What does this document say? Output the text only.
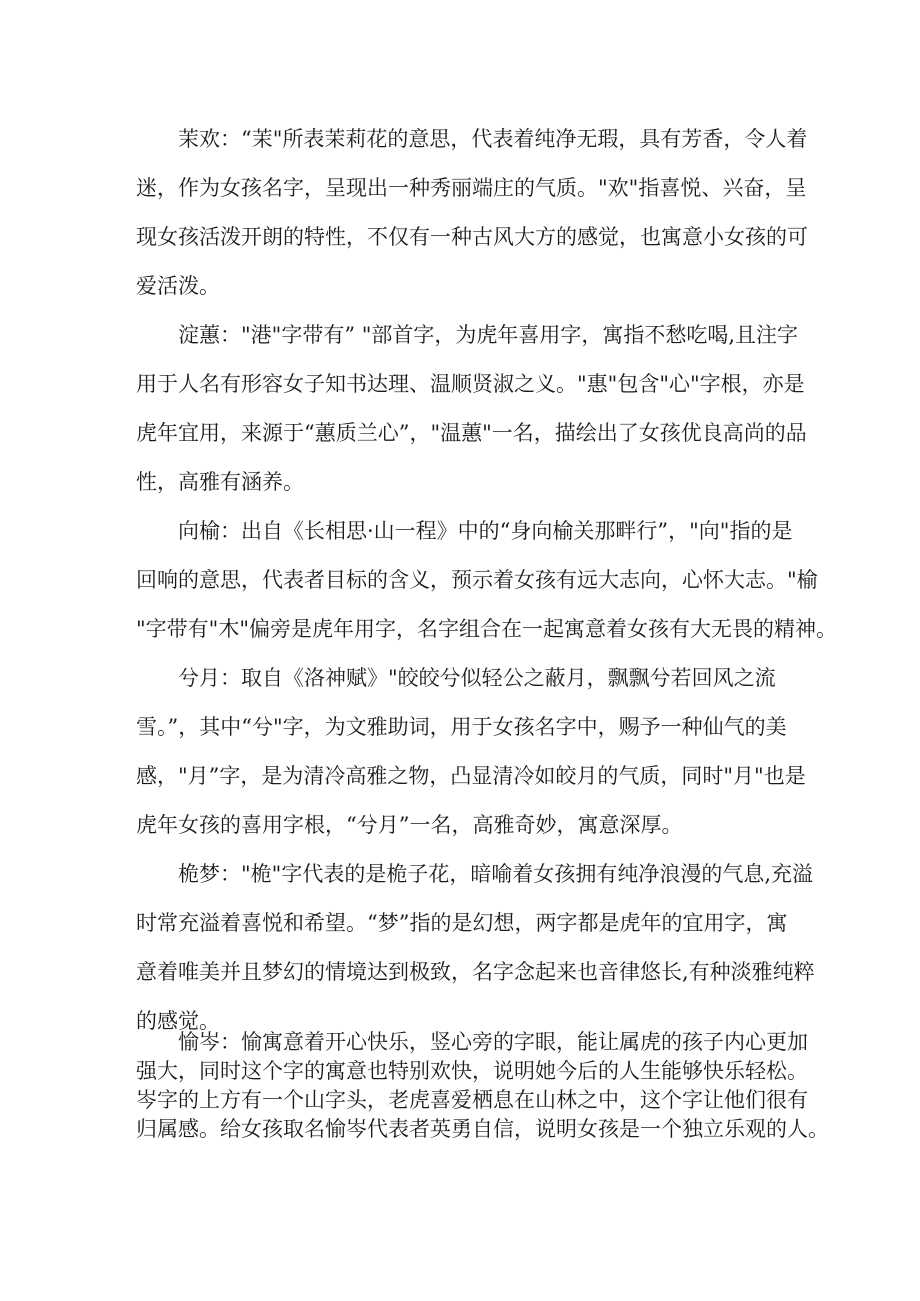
茉欢：“茉"所表茉莉花的意思，代表着纯净无瑕，具有芳香，令人着
迷，作为女孩名字，呈现出一种秀丽端庄的气质。"欢"指喜悦、兴奋，呈
现女孩活泼开朗的特性，不仅有一种古风大方的感觉，也寓意小女孩的可
爱活泼。
淀蕙："港"字带有” "部首字，为虎年喜用字，寓指不愁吃喝,且注字
用于人名有形容女子知书达理、温顺贤淑之义。"惠"包含"心"字根，亦是
虎年宜用，来源于“蕙质兰心”，"温蕙"一名，描绘出了女孩优良高尚的品
性，高雅有涵养。
向榆：出自《长相思·山一程》中的“身向榆关那畔行”，"向"指的是
回响的意思，代表者目标的含义，预示着女孩有远大志向，心怀大志。"榆
"字带有"木"偏旁是虎年用字，名字组合在一起寓意着女孩有大无畏的精神。
兮月：取自《洛神赋》"皎皎兮似轻公之蔽月，飘飘兮若回风之流
雪。”，其中“兮"字，为文雅助词，用于女孩名字中，赐予一种仙气的美
感，"月”字，是为清冷高雅之物，凸显清冷如皎月的气质，同时"月"也是
虎年女孩的喜用字根，“兮月”一名，高雅奇妙，寓意深厚。
桅梦："桅"字代表的是桅子花，暗喻着女孩拥有纯净浪漫的气息,充溢
时常充溢着喜悦和希望。“梦”指的是幻想，两字都是虎年的宜用字，寓
意着唯美并且梦幻的情境达到极致，名字念起来也音律悠长,有种淡雅纯粹
的感觉。
愉岑：愉寓意着开心快乐，竖心旁的字眼，能让属虎的孩子内心更加
强大，同时这个字的寓意也特别欢快，说明她今后的人生能够快乐轻松。
岑字的上方有一个山字头，老虎喜爱栖息在山林之中，这个字让他们很有
归属感。给女孩取名愉岑代表者英勇自信，说明女孩是一个独立乐观的人。
